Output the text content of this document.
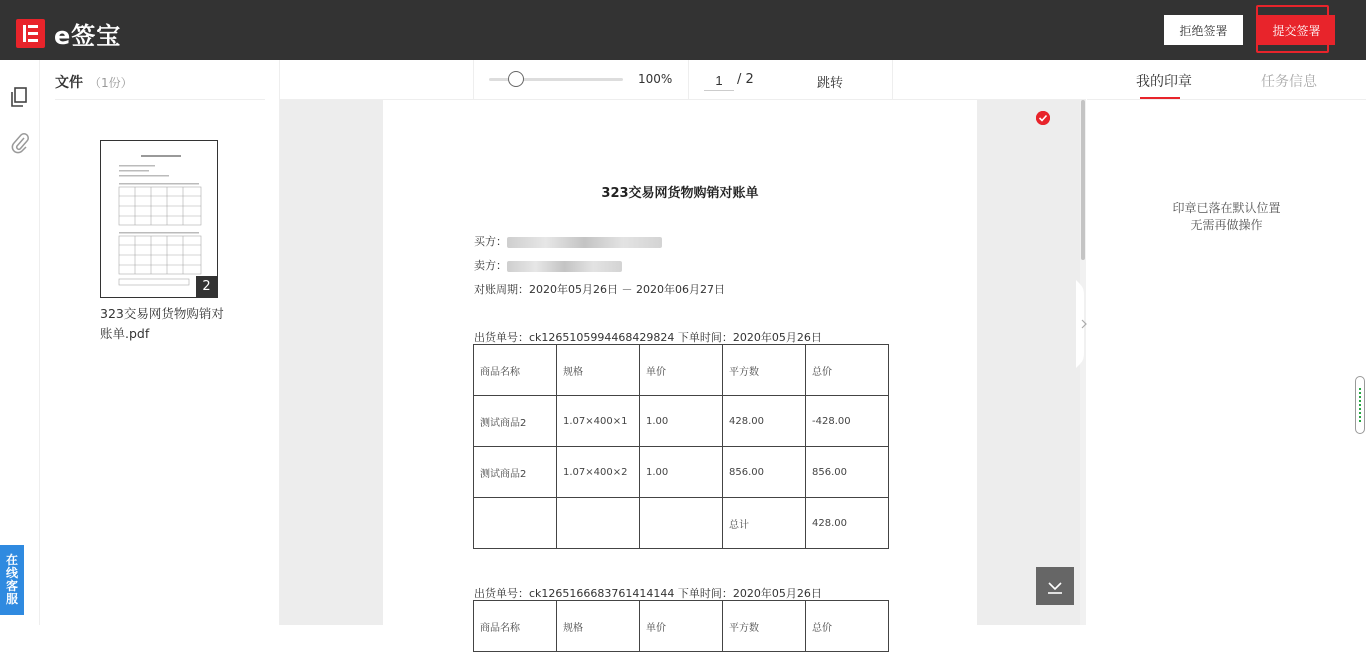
e签宝	拒绝签署	提交签署
在
线
客
服
文件 （1份）
2
323交易网货物购销对账单.pdf
100%
1	/ 2	跳转
323交易网货物购销对账单
买方：
卖方：
对账周期：2020年05月26日 － 2020年06月27日
出货单号：ck1265105994468429824 下单时间：2020年05月26日
商品名称	规格	单价	平方数	总价
测试商品2	1.07×400×1	1.00	428.00	-428.00
测试商品2	1.07×400×2	1.00	856.00	856.00
			总计	428.00
出货单号：ck1265166683761414144 下单时间：2020年05月26日
商品名称	规格	单价	平方数	总价
我的印章	任务信息
印章已落在默认位置
无需再做操作
